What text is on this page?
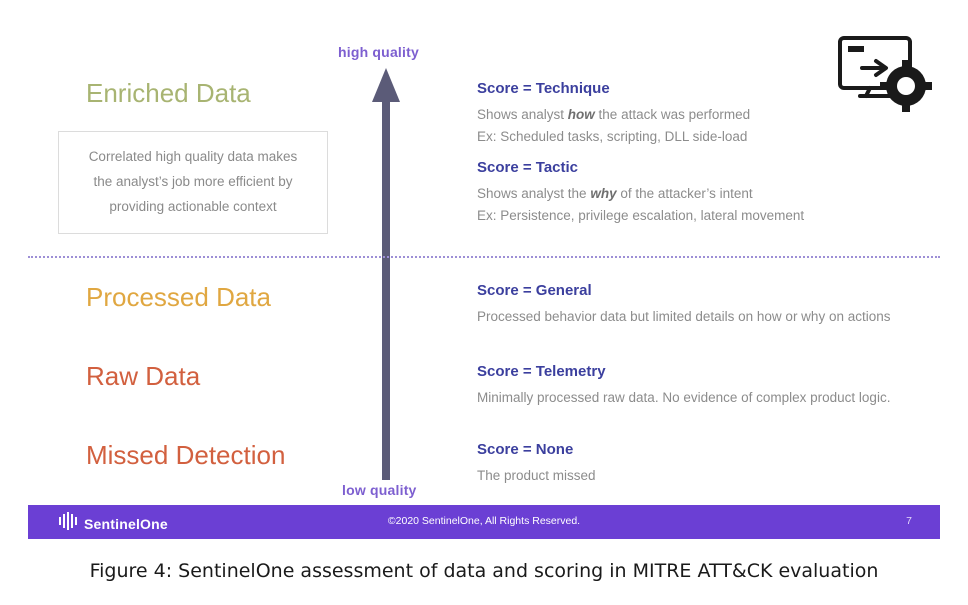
high quality
low quality
Enriched Data
Processed Data
Raw Data
Missed Detection
Correlated high quality data makes
the analyst’s job more efficient by
providing actionable context
Score = Technique
Shows analyst how the attack was performed
Ex: Scheduled tasks, scripting, DLL side-load
Score = Tactic
Shows analyst the why of the attacker’s intent
Ex: Persistence, privilege escalation, lateral movement
Score = General
Processed behavior data but limited details on how or why on actions
Score = Telemetry
Minimally processed raw data. No evidence of complex product logic.
Score = None
The product missed
SentinelOne	©2020 SentinelOne, All Rights Reserved.	7
Figure 4: SentinelOne assessment of data and scoring in MITRE ATT&CK evaluation
